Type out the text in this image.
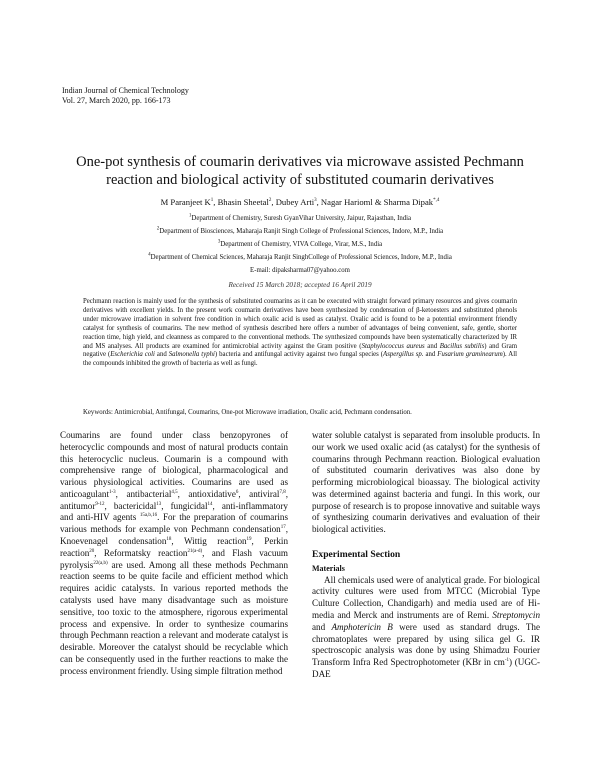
Indian Journal of Chemical Technology
Vol. 27, March 2020, pp. 166-173
One-pot synthesis of coumarin derivatives via microwave assisted Pechmann
reaction and biological activity of substituted coumarin derivatives
M Paranjeet $K^1$, Bhasin Sheetal$^2$, Dubey Arti$^3$, Nagar Harioml & Sharma Dipak$^{*,4}$
$^1$Department of Chemistry, Suresh GyanVihar University, Jaipur, Rajasthan, India
$^2$Department of Biosciences, Maharaja Ranjit Singh College of Professional Sciences, Indore, M.P., India
$^3$Department of Chemistry, VIVA College, Virar, M.S., India
$^4$Department of Chemical Sciences, Maharaja Ranjit SinghCollege of Professional Sciences, Indore, M.P., India
E-mail: dipaksharma07@yahoo.com
Received 15 March 2018; accepted 16 April 2019
Pechmann reaction is mainly used for the synthesis of substituted coumarins as it can be executed with straight forward primary resources and gives coumarin derivatives with excellent yields. In the present work coumarin derivatives have been synthesized by condensation of β-ketoesters and substituted phenols under microwave irradiation in solvent free condition in which oxalic acid is used as catalyst. Oxalic acid is found to be a potential environment friendly catalyst for synthesis of coumarins. The new method of synthesis described here offers a number of advantages of being convenient, safe, gentle, shorter reaction time, high yield, and cleanness as compared to the conventional methods. The synthesized compounds have been systematically characterized by IR and MS analyses. All products are examined for antimicrobial activity against the Gram positive (Staphylococcus aureus and Bacillus subtilis) and Gram negative (Escherichia coli and Salmonella typhi) bacteria and antifungal activity against two fungal species (Aspergillus sp. and Fusarium graminearum). All the compounds inhibited the growth of bacteria as well as fungi.
Keywords: Antimicrobial, Antifungal, Coumarins, One-pot Microwave irradiation, Oxalic acid, Pechmann condensation.

Coumarins are found under class benzopyrones of heterocyclic compounds and most of natural products contain this heterocyclic nucleus. Coumarin is a compound with comprehensive range of biological, pharmacological and various physiological activities. Coumarins are used as anticoagulant$^{1-3}$, antibacterial$^{4,5}$, antioxidative$^6$, antiviral$^{7,8}$, antitumor$^{9-12}$, bactericidal$^{13}$, fungicidal$^{14}$, anti-inflammatory and anti-HIV agents $^{15a,b,16}$. For the preparation of coumarins various methods for example von Pechmann condensation$^{17}$, Knoevenagel condensation$^{18}$, Wittig reaction$^{19}$, Perkin reaction$^{20}$, Reformatsky reaction$^{21(a-d)}$, and Flash vacuum pyrolysis$^{22(a,b)}$ are used. Among all these methods Pechmann reaction seems to be quite facile and efficient method which requires acidic catalysts. In various reported methods the catalysts used have many disadvantage such as moisture sensitive, too toxic to the atmosphere, rigorous experimental process and expensive. In order to synthesize coumarins through Pechmann reaction a relevant and moderate catalyst is desirable. Moreover the catalyst should be recyclable which can be consequently used in the further reactions to make the process environment friendly. Using simple filtration method

water soluble catalyst is separated from insoluble products. In our work we used oxalic acid (as catalyst) for the synthesis of coumarins through Pechmann reaction. Biological evaluation of substituted coumarin derivatives was also done by performing microbiological bioassay. The biological activity was determined against bacteria and fungi. In this work, our purpose of research is to propose innovative and suitable ways of synthesizing coumarin derivatives and evaluation of their biological activities.

Experimental Section

Materials

All chemicals used were of analytical grade. For biological activity cultures were used from MTCC (Microbial Type Culture Collection, Chandigarh) and media used are of Hi-media and Merck and instruments are of Remi. Streptomycin and Amphotericin B were used as standard drugs. The chromatoplates were prepared by using silica gel G. IR spectroscopic analysis was done by using Shimadzu Fourier Transform Infra Red Spectrophotometer (KBr in $cm^{-1}$) (UGC-DAE
